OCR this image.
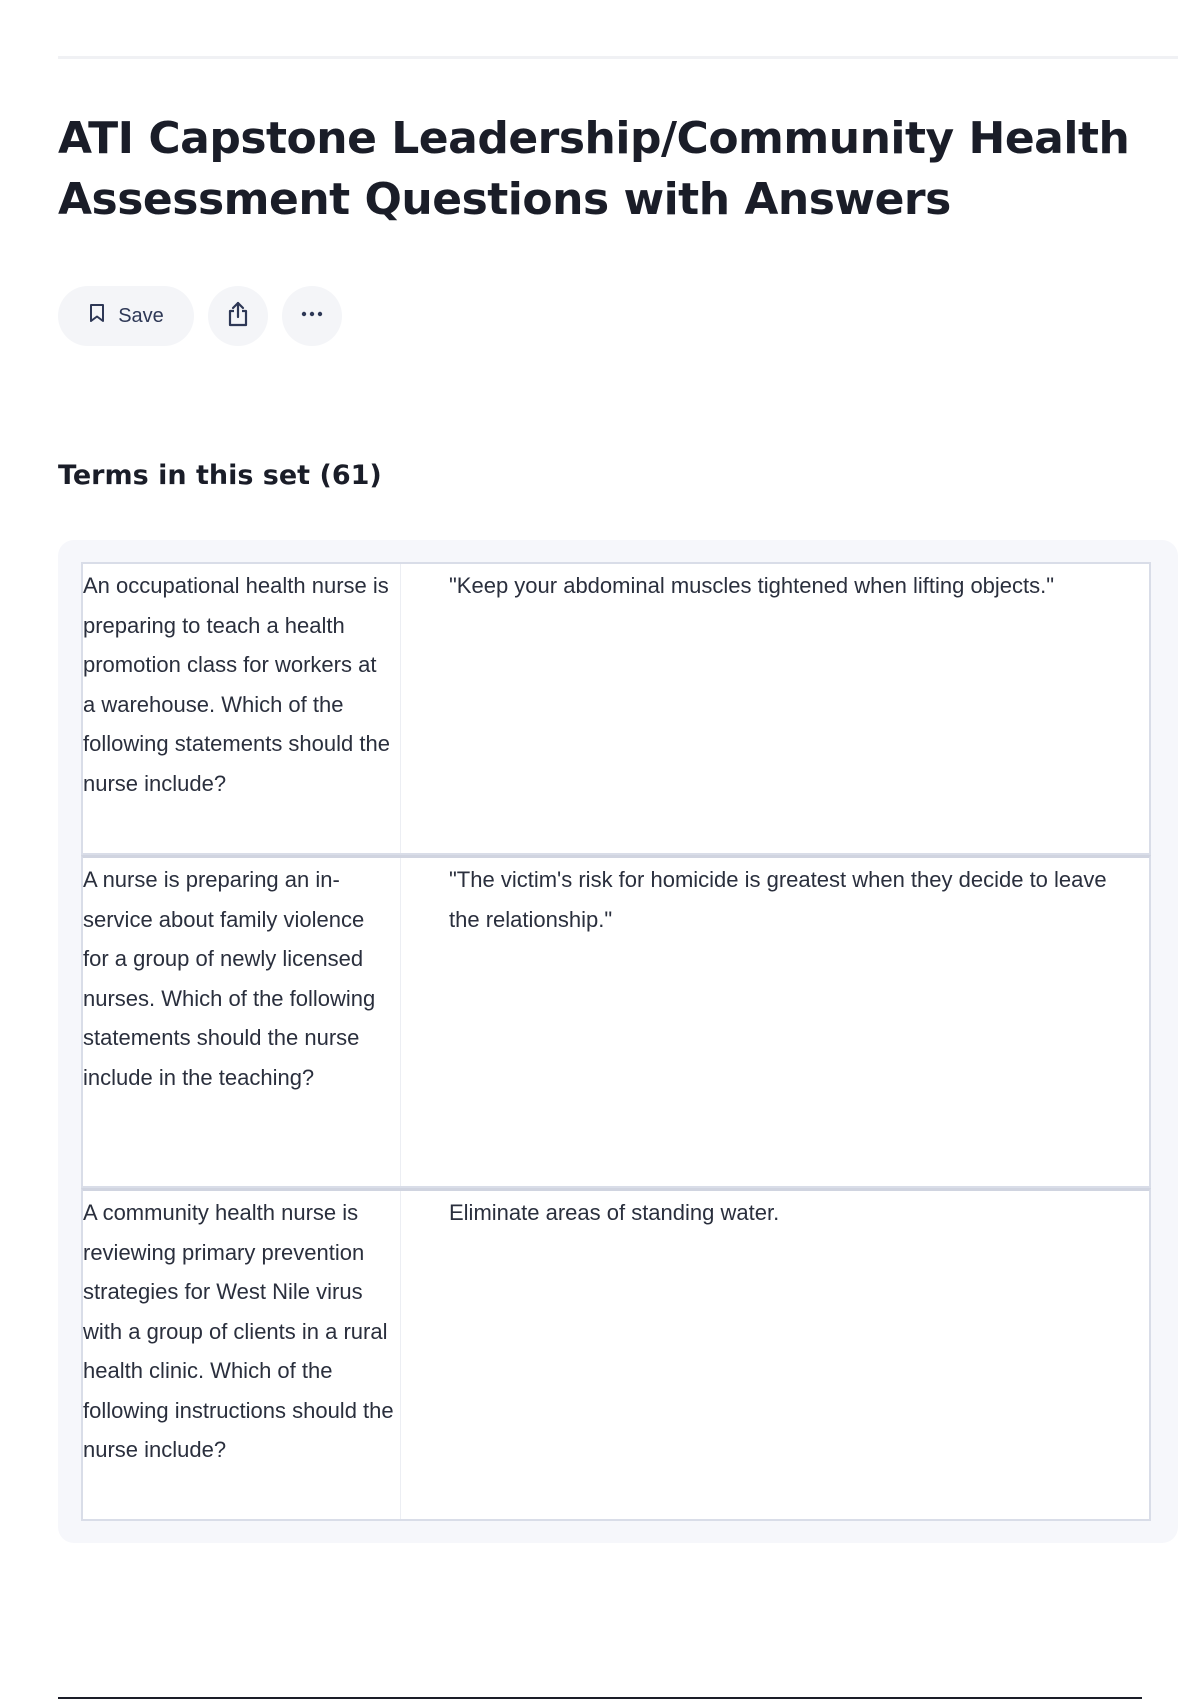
ATI Capstone Leadership/Community Health Assessment Questions with Answers
Save
Terms in this set (61)
An occupational health nurse is preparing to teach a health promotion class for workers at a warehouse. Which of the following statements should the nurse include?
"Keep your abdominal muscles tightened when lifting objects."
A nurse is preparing an in-service about family violence for a group of newly licensed nurses. Which of the following statements should the nurse include in the teaching?
"The victim's risk for homicide is greatest when they decide to leave the relationship."
A community health nurse is reviewing primary prevention strategies for West Nile virus with a group of clients in a rural health clinic. Which of the following instructions should the nurse include?
Eliminate areas of standing water.
